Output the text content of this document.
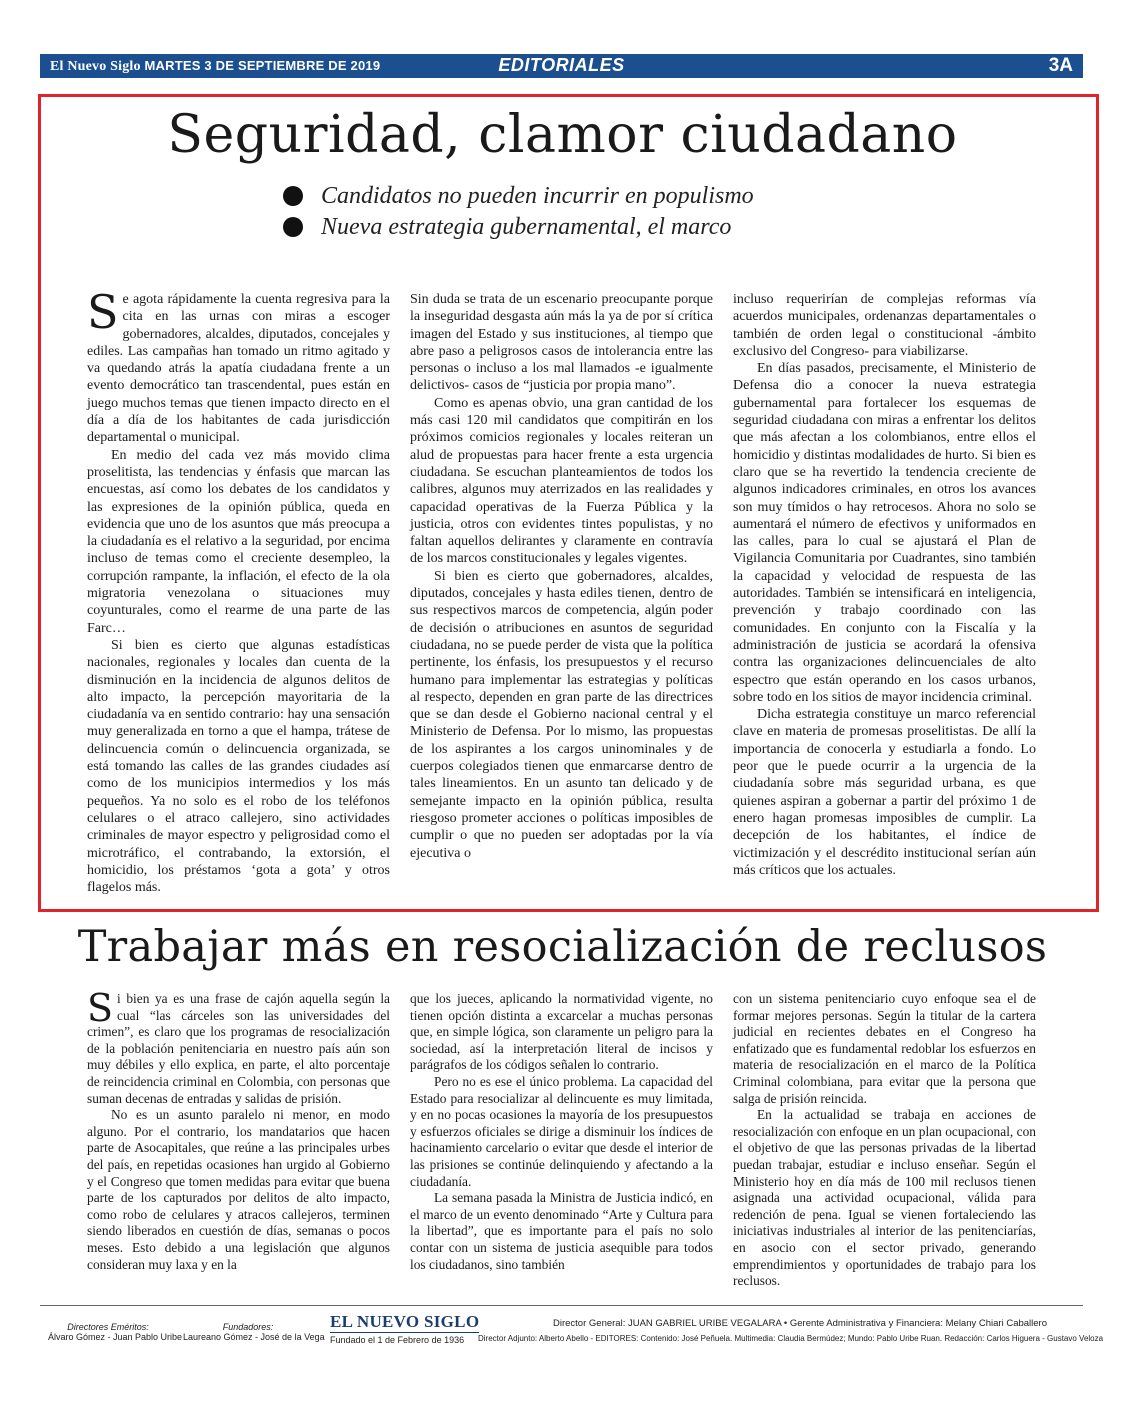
El Nuevo Siglo MARTES 3 DE SEPTIEMBRE DE 2019	EDITORIALES	3A
Seguridad, clamor ciudadano
Candidatos no pueden incurrir en populismo
Nueva estrategia gubernamental, el marco

Se agota rápidamente la cuenta regresiva para la cita en las urnas con miras a escoger gobernadores, alcaldes, diputados, concejales y ediles. Las campañas han tomado un ritmo agitado y va quedando atrás la apatía ciudadana frente a un evento democrático tan trascendental, pues están en juego muchos temas que tienen impacto directo en el día a día de los habitantes de cada jurisdicción departamental o municipal.

En medio del cada vez más movido clima proselitista, las tendencias y énfasis que marcan las encuestas, así como los debates de los candidatos y las expresiones de la opinión pública, queda en evidencia que uno de los asuntos que más preocupa a la ciudadanía es el relativo a la seguridad, por encima incluso de temas como el creciente desempleo, la corrupción rampante, la inflación, el efecto de la ola migratoria venezolana o situaciones muy coyunturales, como el rearme de una parte de las Farc…

Si bien es cierto que algunas estadísticas nacionales, regionales y locales dan cuenta de la disminución en la incidencia de algunos delitos de alto impacto, la percepción mayoritaria de la ciudadanía va en sentido contrario: hay una sensación muy generalizada en torno a que el hampa, trátese de delincuencia común o delincuencia organizada, se está tomando las calles de las grandes ciudades así como de los municipios intermedios y los más pequeños. Ya no solo es el robo de los teléfonos celulares o el atraco callejero, sino actividades criminales de mayor espectro y peligrosidad como el microtráfico, el contrabando, la extorsión, el homicidio, los préstamos ‘gota a gota’ y otros flagelos más.

Sin duda se trata de un escenario preocupante porque la inseguridad desgasta aún más la ya de por sí crítica imagen del Estado y sus instituciones, al tiempo que abre paso a peligrosos casos de intolerancia entre las personas o incluso a los mal llamados -e igualmente delictivos- casos de “justicia por propia mano”.

Como es apenas obvio, una gran cantidad de los más casi 120 mil candidatos que compitirán en los próximos comicios regionales y locales reiteran un alud de propuestas para hacer frente a esta urgencia ciudadana. Se escuchan planteamientos de todos los calibres, algunos muy aterrizados en las realidades y capacidad operativas de la Fuerza Pública y la justicia, otros con evidentes tintes populistas, y no faltan aquellos delirantes y claramente en contravía de los marcos constitucionales y legales vigentes.

Si bien es cierto que gobernadores, alcaldes, diputados, concejales y hasta ediles tienen, dentro de sus respectivos marcos de competencia, algún poder de decisión o atribuciones en asuntos de seguridad ciudadana, no se puede perder de vista que la política pertinente, los énfasis, los presupuestos y el recurso humano para implementar las estrategias y políticas al respecto, dependen en gran parte de las directrices que se dan desde el Gobierno nacional central y el Ministerio de Defensa. Por lo mismo, las propuestas de los aspirantes a los cargos uninominales y de cuerpos colegiados tienen que enmarcarse dentro de tales lineamientos. En un asunto tan delicado y de semejante impacto en la opinión pública, resulta riesgoso prometer acciones o políticas imposibles de cumplir o que no pueden ser adoptadas por la vía ejecutiva o

incluso requerirían de complejas reformas vía acuerdos municipales, ordenanzas departamentales o también de orden legal o constitucional -ámbito exclusivo del Congreso- para viabilizarse.

En días pasados, precisamente, el Ministerio de Defensa dio a conocer la nueva estrategia gubernamental para fortalecer los esquemas de seguridad ciudadana con miras a enfrentar los delitos que más afectan a los colombianos, entre ellos el homicidio y distintas modalidades de hurto. Si bien es claro que se ha revertido la tendencia creciente de algunos indicadores criminales, en otros los avances son muy tímidos o hay retrocesos. Ahora no solo se aumentará el número de efectivos y uniformados en las calles, para lo cual se ajustará el Plan de Vigilancia Comunitaria por Cuadrantes, sino también la capacidad y velocidad de respuesta de las autoridades. También se intensificará en inteligencia, prevención y trabajo coordinado con las comunidades. En conjunto con la Fiscalía y la administración de justicia se acordará la ofensiva contra las organizaciones delincuenciales de alto espectro que están operando en los casos urbanos, sobre todo en los sitios de mayor incidencia criminal.

Dicha estrategia constituye un marco referencial clave en materia de promesas proselitistas. De allí la importancia de conocerla y estudiarla a fondo. Lo peor que le puede ocurrir a la urgencia de la ciudadanía sobre más seguridad urbana, es que quienes aspiran a gobernar a partir del próximo 1 de enero hagan promesas imposibles de cumplir. La decepción de los habitantes, el índice de victimización y el descrédito institucional serían aún más críticos que los actuales.

Trabajar más en resocialización de reclusos

Si bien ya es una frase de cajón aquella según la cual “las cárceles son las universidades del crimen”, es claro que los programas de resocialización de la población penitenciaria en nuestro país aún son muy débiles y ello explica, en parte, el alto porcentaje de reincidencia criminal en Colombia, con personas que suman decenas de entradas y salidas de prisión.

No es un asunto paralelo ni menor, en modo alguno. Por el contrario, los mandatarios que hacen parte de Asocapitales, que reúne a las principales urbes del país, en repetidas ocasiones han urgido al Gobierno y el Congreso que tomen medidas para evitar que buena parte de los capturados por delitos de alto impacto, como robo de celulares y atracos callejeros, terminen siendo liberados en cuestión de días, semanas o pocos meses. Esto debido a una legislación que algunos consideran muy laxa y en la

que los jueces, aplicando la normatividad vigente, no tienen opción distinta a excarcelar a muchas personas que, en simple lógica, son claramente un peligro para la sociedad, así la interpretación literal de incisos y parágrafos de los códigos señalen lo contrario.

Pero no es ese el único problema. La capacidad del Estado para resocializar al delincuente es muy limitada, y en no pocas ocasiones la mayoría de los presupuestos y esfuerzos oficiales se dirige a disminuir los índices de hacinamiento carcelario o evitar que desde el interior de las prisiones se continúe delinquiendo y afectando a la ciudadanía.

La semana pasada la Ministra de Justicia indicó, en el marco de un evento denominado “Arte y Cultura para la libertad”, que es importante para el país no solo contar con un sistema de justicia asequible para todos los ciudadanos, sino también

con un sistema penitenciario cuyo enfoque sea el de formar mejores personas. Según la titular de la cartera judicial en recientes debates en el Congreso ha enfatizado que es fundamental redoblar los esfuerzos en materia de resocialización en el marco de la Política Criminal colombiana, para evitar que la persona que salga de prisión reincida.

En la actualidad se trabaja en acciones de resocialización con enfoque en un plan ocupacional, con el objetivo de que las personas privadas de la libertad puedan trabajar, estudiar e incluso enseñar. Según el Ministerio hoy en día más de 100 mil reclusos tienen asignada una actividad ocupacional, válida para redención de pena. Igual se vienen fortaleciendo las iniciativas industriales al interior de las penitenciarías, en asocio con el sector privado, generando emprendimientos y oportunidades de trabajo para los reclusos.

Directores Eméritos:
Álvaro Gómez - Juan Pablo Uribe
Fundadores:
Laureano Gómez - José de la Vega
EL NUEVO SIGLO
Fundado el 1 de Febrero de 1936
Director General: JUAN GABRIEL URIBE VEGALARA • Gerente Administrativa y Financiera: Melany Chiari Caballero
Director Adjunto: Alberto Abello - EDITORES: Contenido: José Peñuela. Multimedia: Claudia Bermúdez; Mundo: Pablo Uribe Ruan. Redacción: Carlos Higuera - Gustavo Veloza
